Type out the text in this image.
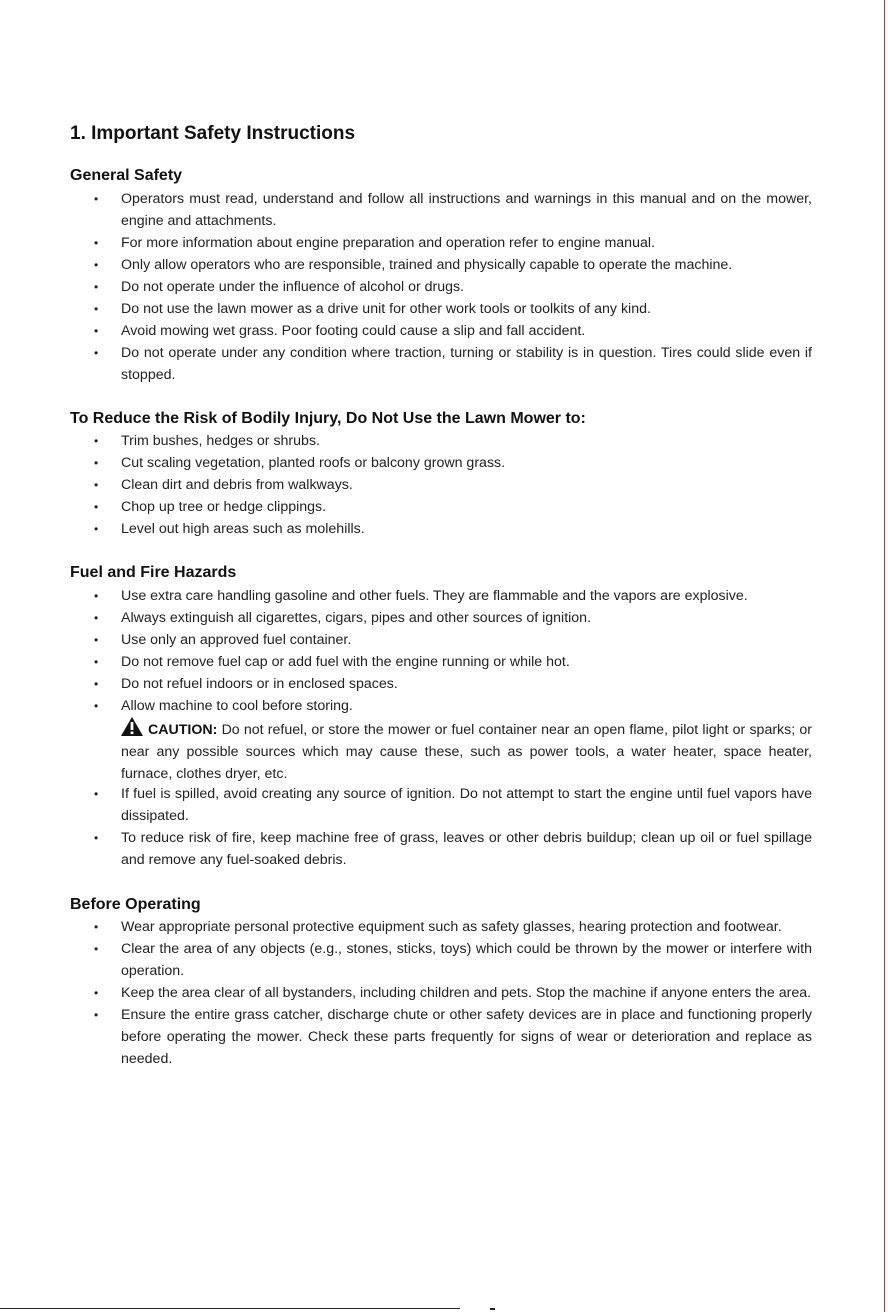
1. Important Safety Instructions
General Safety
• Operators must read, understand and follow all instructions and warnings in this manual and on the mower, engine and attachments.
• For more information about engine preparation and operation refer to engine manual.
• Only allow operators who are responsible, trained and physically capable to operate the machine.
• Do not operate under the influence of alcohol or drugs.
• Do not use the lawn mower as a drive unit for other work tools or toolkits of any kind.
• Avoid mowing wet grass. Poor footing could cause a slip and fall accident.
• Do not operate under any condition where traction, turning or stability is in question. Tires could slide even if stopped.
To Reduce the Risk of Bodily Injury, Do Not Use the Lawn Mower to:
• Trim bushes, hedges or shrubs.
• Cut scaling vegetation, planted roofs or balcony grown grass.
• Clean dirt and debris from walkways.
• Chop up tree or hedge clippings.
• Level out high areas such as molehills.
Fuel and Fire Hazards
• Use extra care handling gasoline and other fuels. They are flammable and the vapors are explosive.
• Always extinguish all cigarettes, cigars, pipes and other sources of ignition.
• Use only an approved fuel container.
• Do not remove fuel cap or add fuel with the engine running or while hot.
• Do not refuel indoors or in enclosed spaces.
• Allow machine to cool before storing.
CAUTION: Do not refuel, or store the mower or fuel container near an open flame, pilot light or sparks; or near any possible sources which may cause these, such as power tools, a water heater, space heater, furnace, clothes dryer, etc.
• If fuel is spilled, avoid creating any source of ignition. Do not attempt to start the engine until fuel vapors have dissipated.
• To reduce risk of fire, keep machine free of grass, leaves or other debris buildup; clean up oil or fuel spillage and remove any fuel-soaked debris.
Before Operating
• Wear appropriate personal protective equipment such as safety glasses, hearing protection and footwear.
• Clear the area of any objects (e.g., stones, sticks, toys) which could be thrown by the mower or interfere with operation.
• Keep the area clear of all bystanders, including children and pets. Stop the machine if anyone enters the area.
• Ensure the entire grass catcher, discharge chute or other safety devices are in place and functioning properly before operating the mower. Check these parts frequently for signs of wear or deterioration and replace as needed.
